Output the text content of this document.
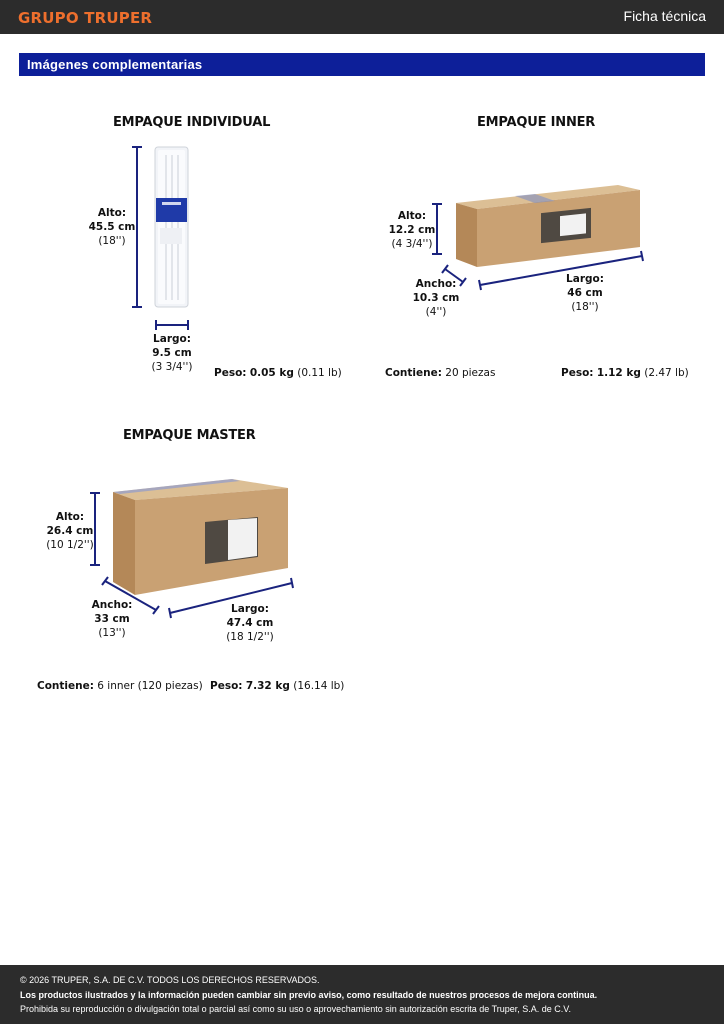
GRUPO TRUPER	Ficha técnica
Imágenes complementarias
EMPAQUE INDIVIDUAL
Alto:
45.5 cm
(18'')
Largo:
9.5 cm
(3 3/4'')	Peso: 0.05 kg (0.11 lb)
EMPAQUE INNER
Alto:
12.2 cm
(4 3/4'')
Ancho:
10.3 cm
(4'')
Largo:
46 cm
(18'')
Contiene: 20 piezas	Peso: 1.12 kg (2.47 lb)
EMPAQUE MASTER
Alto:
26.4 cm
(10 1/2'')
Ancho:
33 cm
(13'')
Largo:
47.4 cm
(18 1/2'')
Contiene: 6 inner (120 piezas) Peso: 7.32 kg (16.14 lb)
© 2026 TRUPER, S.A. DE C.V. TODOS LOS DERECHOS RESERVADOS.
Los productos ilustrados y la información pueden cambiar sin previo aviso, como resultado de nuestros procesos de mejora continua.
Prohibida su reproducción o divulgación total o parcial así como su uso o aprovechamiento sin autorización escrita de Truper, S.A. de C.V.
